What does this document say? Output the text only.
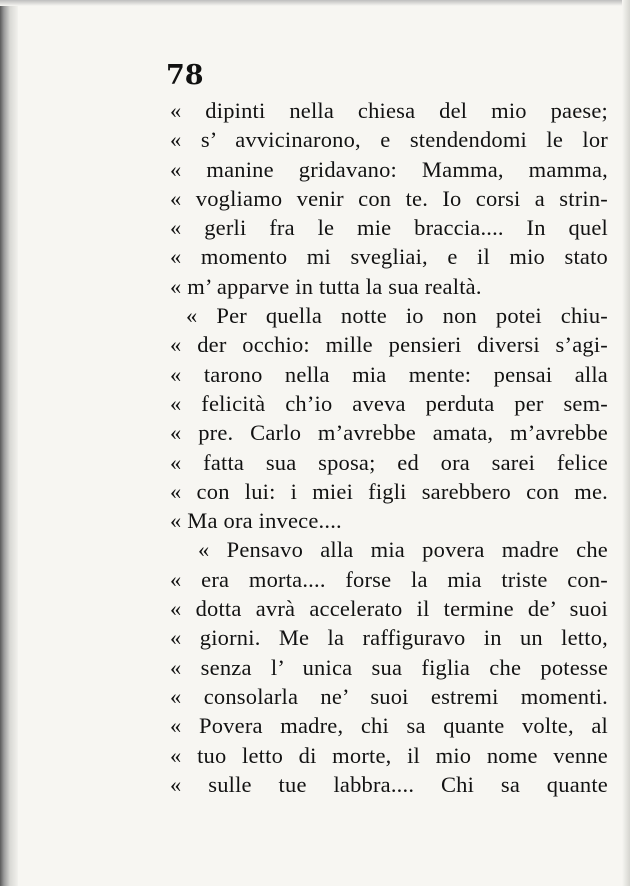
78

« dipinti nella chiesa del mio paese;
« s’ avvicinarono, e stendendomi le lor
« manine gridavano: Mamma, mamma,
« vogliamo venir con te. Io corsi a strin-
« gerli fra le mie braccia.... In quel
« momento mi svegliai, e il mio stato
« m’ apparve in tutta la sua realtà.
« Per quella notte io non potei chiu-
« der occhio: mille pensieri diversi s’agi-
« tarono nella mia mente: pensai alla
« felicità ch’io aveva perduta per sem-
« pre. Carlo m’avrebbe amata, m’avrebbe
« fatta sua sposa; ed ora sarei felice
« con lui: i miei figli sarebbero con me.
« Ma ora invece....
« Pensavo alla mia povera madre che
« era morta.... forse la mia triste con-
« dotta avrà accelerato il termine de’ suoi
« giorni. Me la raffiguravo in un letto,
« senza l’ unica sua figlia che potesse
« consolarla ne’ suoi estremi momenti.
« Povera madre, chi sa quante volte, al
« tuo letto di morte, il mio nome venne
« sulle tue labbra.... Chi sa quante
